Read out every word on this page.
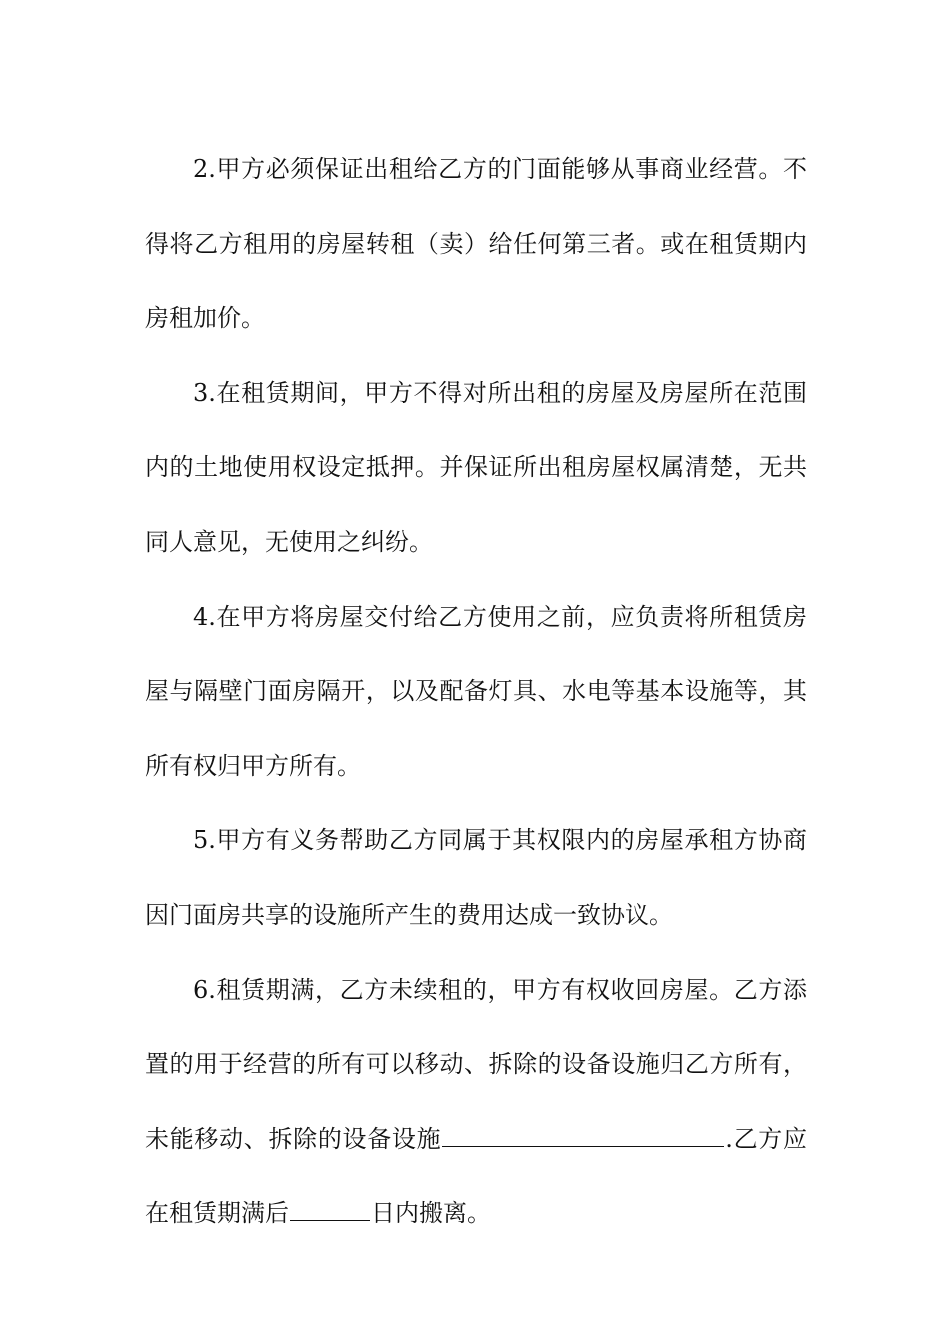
2.甲方必须保证出租给乙方的门面能够从事商业经营。不得将乙方租用的房屋转租（卖）给任何第三者。或在租赁期内房租加价。

3.在租赁期间，甲方不得对所出租的房屋及房屋所在范围内的土地使用权设定抵押。并保证所出租房屋权属清楚，无共同人意见，无使用之纠纷。

4.在甲方将房屋交付给乙方使用之前，应负责将所租赁房屋与隔壁门面房隔开，以及配备灯具、水电等基本设施等，其所有权归甲方所有。

5.甲方有义务帮助乙方同属于其权限内的房屋承租方协商因门面房共享的设施所产生的费用达成一致协议。

6.租赁期满，乙方未续租的，甲方有权收回房屋。乙方添置的用于经营的所有可以移动、拆除的设备设施归乙方所有，未能移动、拆除的设备设施	.乙方应在租赁期满后	日内搬离。
